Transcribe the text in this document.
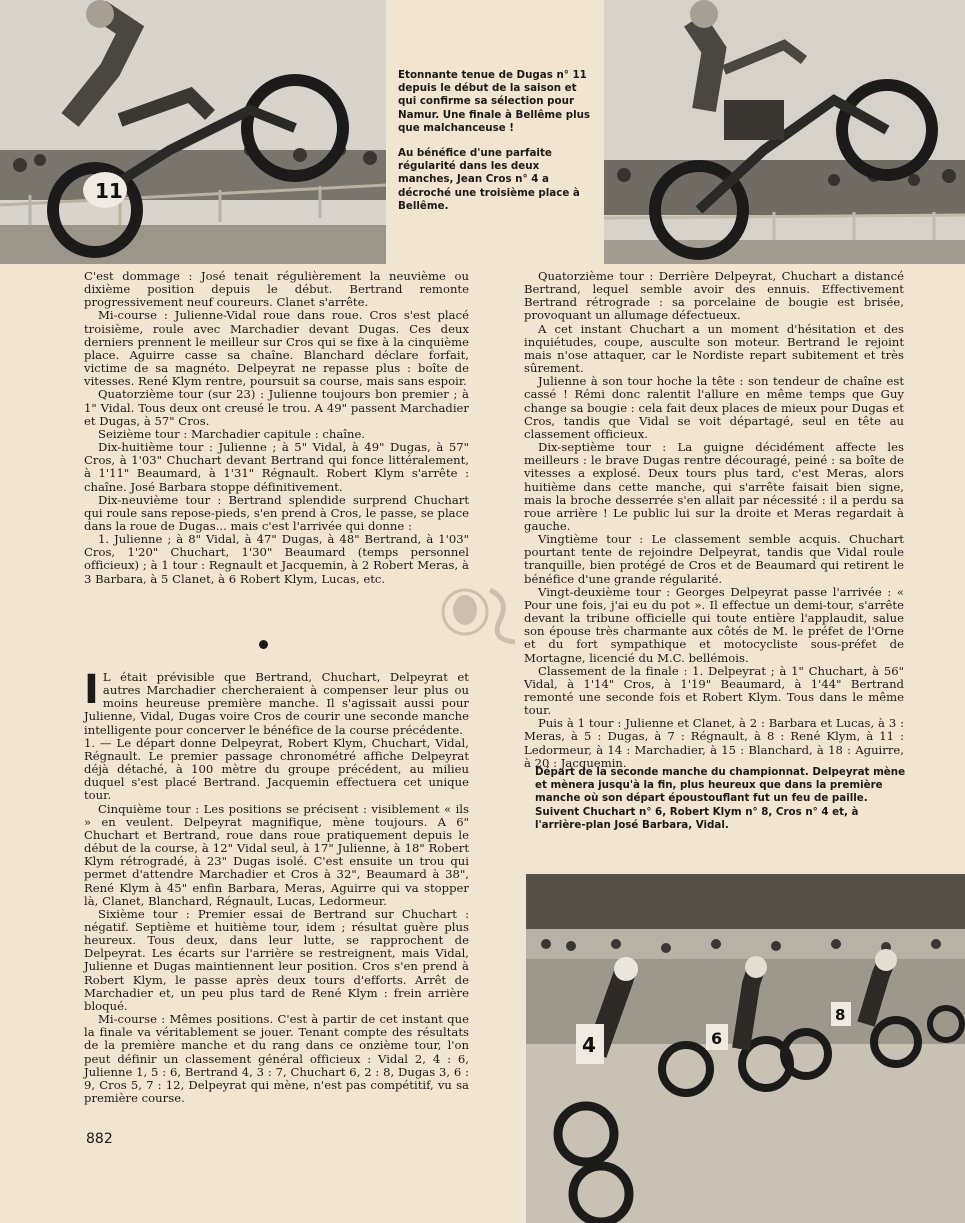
11

Etonnante tenue de Dugas n° 11 depuis le début de la saison et qui confirme sa sélection pour Namur. Une finale à Bellême plus que malchanceuse !

Au bénéfice d'une parfaite régularité dans les deux manches, Jean Cros n° 4 a décroché une troisième place à Bellême.

C'est dommage : José tenait régulièrement la neuvième ou dixième position depuis le début. Bertrand remonte progressivement neuf coureurs. Clanet s'arrête.

Mi-course : Julienne-Vidal roue dans roue. Cros s'est placé troisième, roule avec Marchadier devant Dugas. Ces deux derniers prennent le meilleur sur Cros qui se fixe à la cinquième place. Aguirre casse sa chaîne. Blanchard déclare forfait, victime de sa magnéto. Delpeyrat ne repasse plus : boîte de vitesses. René Klym rentre, poursuit sa course, mais sans espoir.

Quatorzième tour (sur 23) : Julienne toujours bon premier ; à 1" Vidal. Tous deux ont creusé le trou. A 49" passent Marchadier et Dugas, à 57" Cros.

Seizième tour : Marchadier capitule : chaîne.

Dix-huitième tour : Julienne ; à 5" Vidal, à 49" Dugas, à 57" Cros, à 1'03" Chuchart devant Bertrand qui fonce littéralement, à 1'11" Beaumard, à 1'31" Régnault. Robert Klym s'arrête : chaîne. José Barbara stoppe définitivement.

Dix-neuvième tour : Bertrand splendide surprend Chuchart qui roule sans repose-pieds, s'en prend à Cros, le passe, se place dans la roue de Dugas... mais c'est l'arrivée qui donne :

1. Julienne ; à 8" Vidal, à 47" Dugas, à 48" Bertrand, à 1'03" Cros, 1'20" Chuchart, 1'30" Beaumard (temps personnel officieux) ; à 1 tour : Regnault et Jacquemin, à 2 Robert Meras, à 3 Barbara, à 5 Clanet, à 6 Robert Klym, Lucas, etc.

I L était prévisible que Bertrand, Chuchart, Delpeyrat et autres Marchadier chercheraient à compenser leur plus ou moins heureuse première manche. Il s'agissait aussi pour Julienne, Vidal, Dugas voire Cros de courir une seconde manche intelligente pour concerver le bénéfice de la course précédente.

1. — Le départ donne Delpeyrat, Robert Klym, Chuchart, Vidal, Régnault. Le premier passage chronométré affiche Delpeyrat déjà détaché, à 100 mètre du groupe précédent, au milieu duquel s'est placé Bertrand. Jacquemin effectuera cet unique tour.

Cinquième tour : Les positions se précisent : visiblement « ils » en veulent. Delpeyrat magnifique, mène toujours. A 6" Chuchart et Bertrand, roue dans roue pratiquement depuis le début de la course, à 12" Vidal seul, à 17" Julienne, à 18" Robert Klym rétrogradé, à 23" Dugas isolé. C'est ensuite un trou qui permet d'attendre Marchadier et Cros à 32", Beaumard à 38", René Klym à 45" enfin Barbara, Meras, Aguirre qui va stopper là, Clanet, Blanchard, Régnault, Lucas, Ledormeur.

Sixième tour : Premier essai de Bertrand sur Chuchart : négatif. Septième et huitième tour, idem ; résultat guère plus heureux. Tous deux, dans leur lutte, se rapprochent de Delpeyrat. Les écarts sur l'arrière se restreignent, mais Vidal, Julienne et Dugas maintiennent leur position. Cros s'en prend à Robert Klym, le passe après deux tours d'efforts. Arrêt de Marchadier et, un peu plus tard de René Klym : frein arrière bloqué.

Mi-course : Mêmes positions. C'est à partir de cet instant que la finale va véritablement se jouer. Tenant compte des résultats de la première manche et du rang dans ce onzième tour, l'on peut définir un classement général officieux : Vidal 2, 4 : 6, Julienne 1, 5 : 6, Bertrand 4, 3 : 7, Chuchart 6, 2 : 8, Dugas 3, 6 : 9, Cros 5, 7 : 12, Delpeyrat qui mène, n'est pas compétitif, vu sa première course.

Quatorzième tour : Derrière Delpeyrat, Chuchart a distancé Bertrand, lequel semble avoir des ennuis. Effectivement Bertrand rétrograde : sa porcelaine de bougie est brisée, provoquant un allumage défectueux.

A cet instant Chuchart a un moment d'hésitation et des inquiétudes, coupe, ausculte son moteur. Bertrand le rejoint mais n'ose attaquer, car le Nordiste repart subitement et très sûrement.

Julienne à son tour hoche la tête : son tendeur de chaîne est cassé ! Rémi donc ralentit l'allure en même temps que Guy change sa bougie : cela fait deux places de mieux pour Dugas et Cros, tandis que Vidal se voit départagé, seul en tête au classement officieux.

Dix-septième tour : La guigne décidément affecte les meilleurs : le brave Dugas rentre découragé, peiné : sa boîte de vitesses a explosé. Deux tours plus tard, c'est Meras, alors huitième dans cette manche, qui s'arrête faisait bien signe, mais la broche desserrée s'en allait par nécessité : il a perdu sa roue arrière ! Le public lui sur la droite et Meras regardait à gauche.

Vingtième tour : Le classement semble acquis. Chuchart pourtant tente de rejoindre Delpeyrat, tandis que Vidal roule tranquille, bien protégé de Cros et de Beaumard qui retirent le bénéfice d'une grande régularité.

Vingt-deuxième tour : Georges Delpeyrat passe l'arrivée : « Pour une fois, j'ai eu du pot ». Il effectue un demi-tour, s'arrête devant la tribune officielle qui toute entière l'applaudit, salue son épouse très charmante aux côtés de M. le préfet de l'Orne et du fort sympathique et motocycliste sous-préfet de Mortagne, licencié du M.C. bellémois.

Classement de la finale : 1. Delpeyrat ; à 1" Chuchart, à 56" Vidal, à 1'14" Cros, à 1'19" Beaumard, à 1'44" Bertrand remonté une seconde fois et Robert Klym. Tous dans le même tour.

Puis à 1 tour : Julienne et Clanet, à 2 : Barbara et Lucas, à 3 : Meras, à 5 : Dugas, à 7 : Régnault, à 8 : René Klym, à 11 : Ledormeur, à 14 : Marchadier, à 15 : Blanchard, à 18 : Aguirre, à 20 : Jacquemin.

Départ de la seconde manche du championnat. Delpeyrat mène et mènera jusqu'à la fin, plus heureux que dans la première manche où son départ époustouflant fut un feu de paille. Suivent Chuchart n° 6, Robert Klym n° 8, Cros n° 4 et, à l'arrière-plan José Barbara, Vidal.

4	6
8
882
